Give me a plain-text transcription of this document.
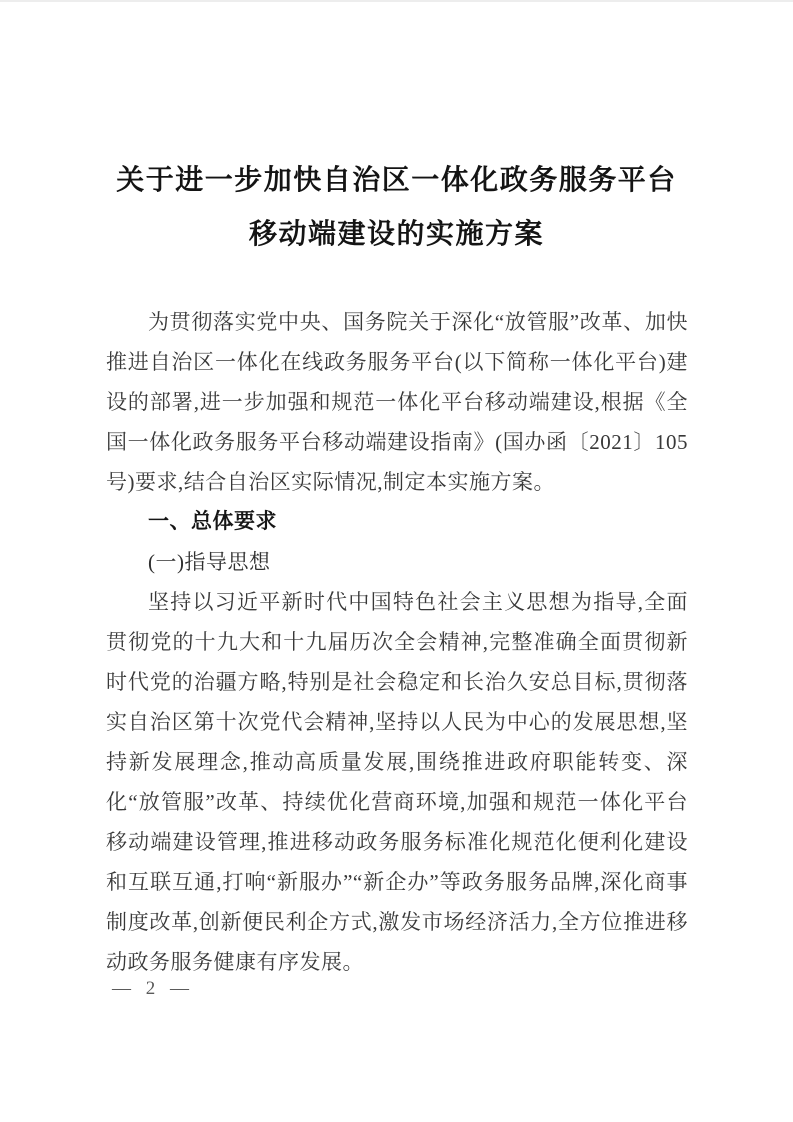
关于进一步加快自治区一体化政务服务平台
移动端建设的实施方案
为贯彻落实党中央、国务院关于深化“放管服”改革、加快推进自治区一体化在线政务服务平台(以下简称一体化平台)建设的部署,进一步加强和规范一体化平台移动端建设,根据《全国一体化政务服务平台移动端建设指南》(国办函〔2021〕105 号)要求,结合自治区实际情况,制定本实施方案。
一、总体要求
(一)指导思想
坚持以习近平新时代中国特色社会主义思想为指导,全面贯彻党的十九大和十九届历次全会精神,完整准确全面贯彻新时代党的治疆方略,特别是社会稳定和长治久安总目标,贯彻落实自治区第十次党代会精神,坚持以人民为中心的发展思想,坚持新发展理念,推动高质量发展,围绕推进政府职能转变、深化“放管服”改革、持续优化营商环境,加强和规范一体化平台移动端建设管理,推进移动政务服务标准化规范化便利化建设和互联互通,打响“新服办”“新企办”等政务服务品牌,深化商事制度改革,创新便民利企方式,激发市场经济活力,全方位推进移动政务服务健康有序发展。
— 2 —
